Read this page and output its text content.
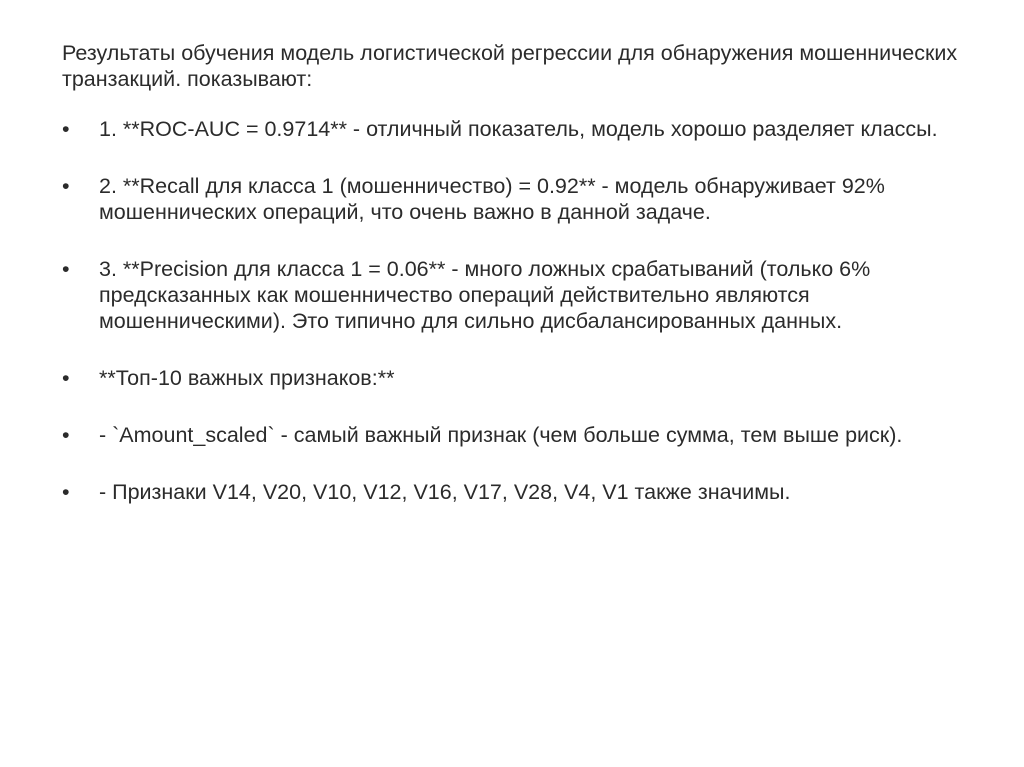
Результаты обучения модель логистической регрессии для обнаружения мошеннических транзакций. показывают:

•	1. **ROC-AUC = 0.9714** - отличный показатель, модель хорошо разделяет классы.
•	2. **Recall для класса 1 (мошенничество) = 0.92** - модель обнаруживает 92% мошеннических операций, что очень важно в данной задаче.
•	3. **Precision для класса 1 = 0.06** - много ложных срабатываний (только 6% предсказанных как мошенничество операций действительно являются мошенническими). Это типично для сильно дисбалансированных данных.
•	**Топ-10 важных признаков:**
•	- `Amount_scaled` - самый важный признак (чем больше сумма, тем выше риск).
•	- Признаки V14, V20, V10, V12, V16, V17, V28, V4, V1 также значимы.
